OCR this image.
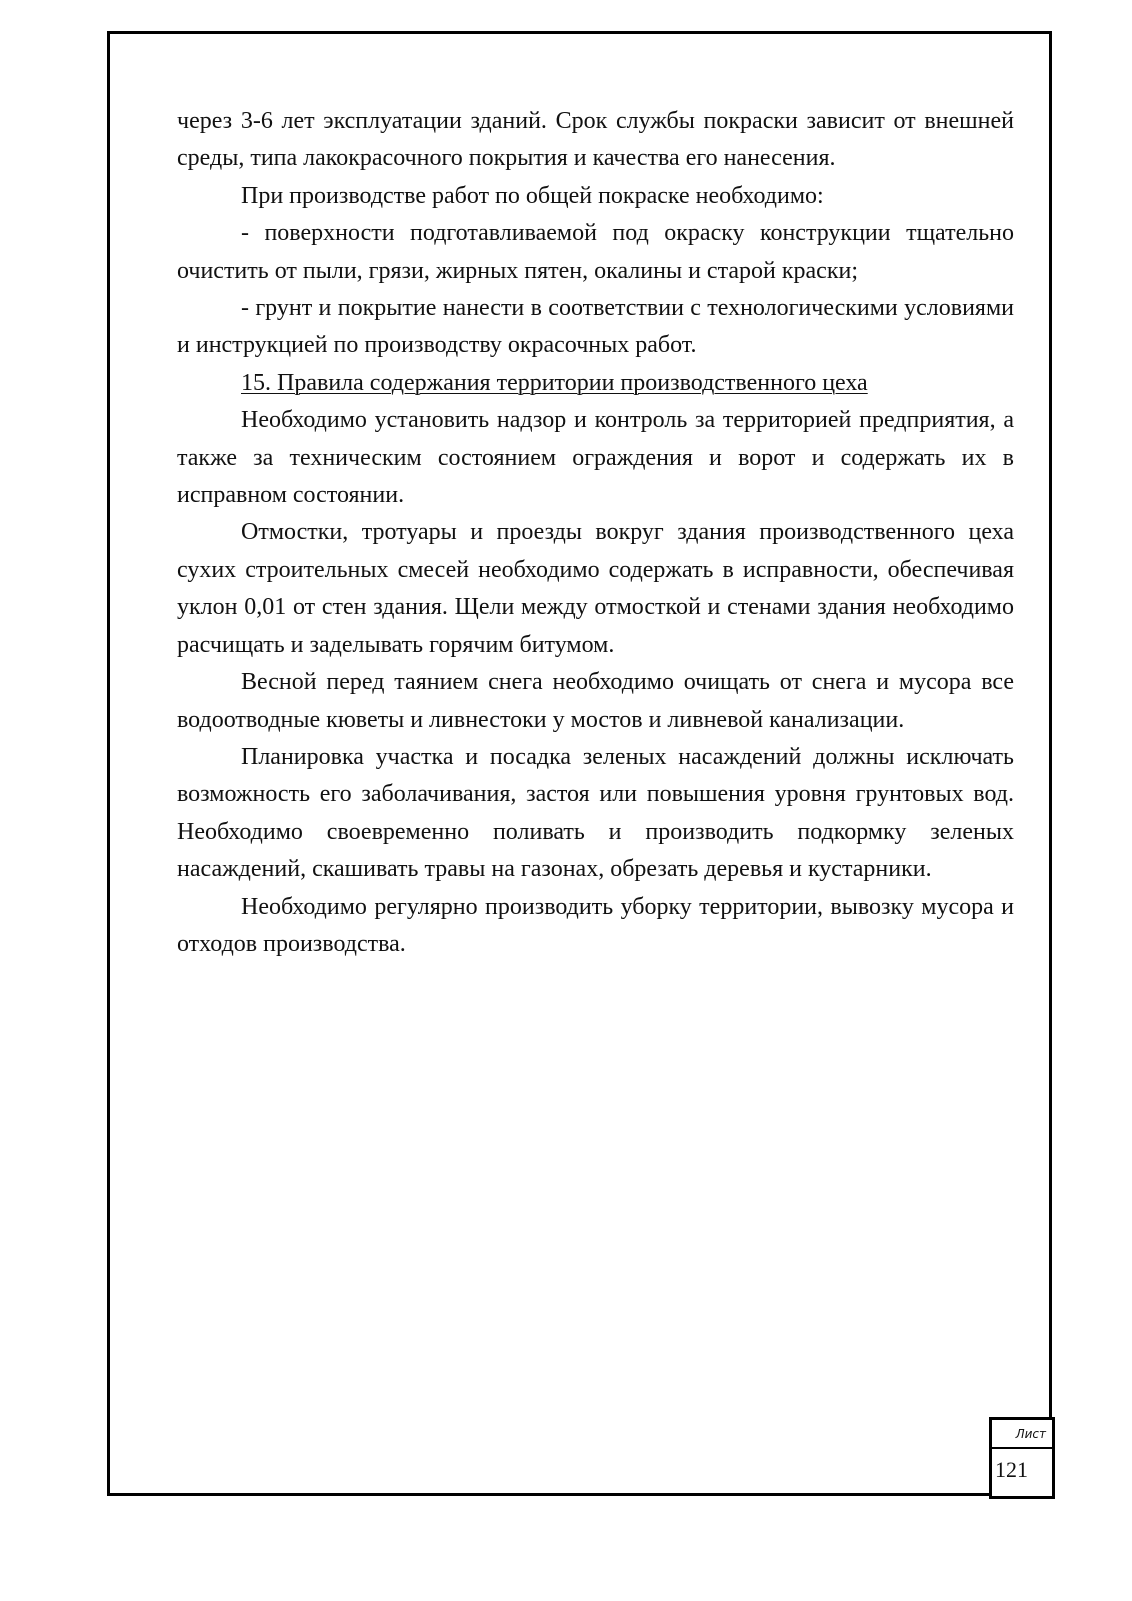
через 3-6 лет эксплуатации зданий. Срок службы покраски зависит от внешней среды, типа лакокрасочного покрытия и качества его нанесения.

При производстве работ по общей покраске необходимо:

- поверхности подготавливаемой под окраску конструкции тщательно очистить от пыли, грязи, жирных пятен, окалины и старой краски;

- грунт и покрытие нанести в соответствии с технологическими условиями и инструкцией по производству окрасочных работ.

15. Правила содержания территории производственного цеха

Необходимо установить надзор и контроль за территорией предприятия, а также за техническим состоянием ограждения и ворот и содержать их в исправном состоянии.

Отмостки, тротуары и проезды вокруг здания производственного цеха сухих строительных смесей необходимо содержать в исправности, обеспечивая уклон 0,01 от стен здания. Щели между отмосткой и стенами здания необходимо расчищать и заделывать горячим битумом.

Весной перед таянием снега необходимо очищать от снега и мусора все водоотводные кюветы и ливнестоки у мостов и ливневой канализации.

Планировка участка и посадка зеленых насаждений должны исключать возможность его заболачивания, застоя или повышения уровня грунтовых вод. Необходимо своевременно поливать и производить подкормку зеленых насаждений, скашивать травы на газонах, обрезать деревья и кустарники.

Необходимо регулярно производить уборку территории, вывозку мусора и отходов производства.

Лист
121
